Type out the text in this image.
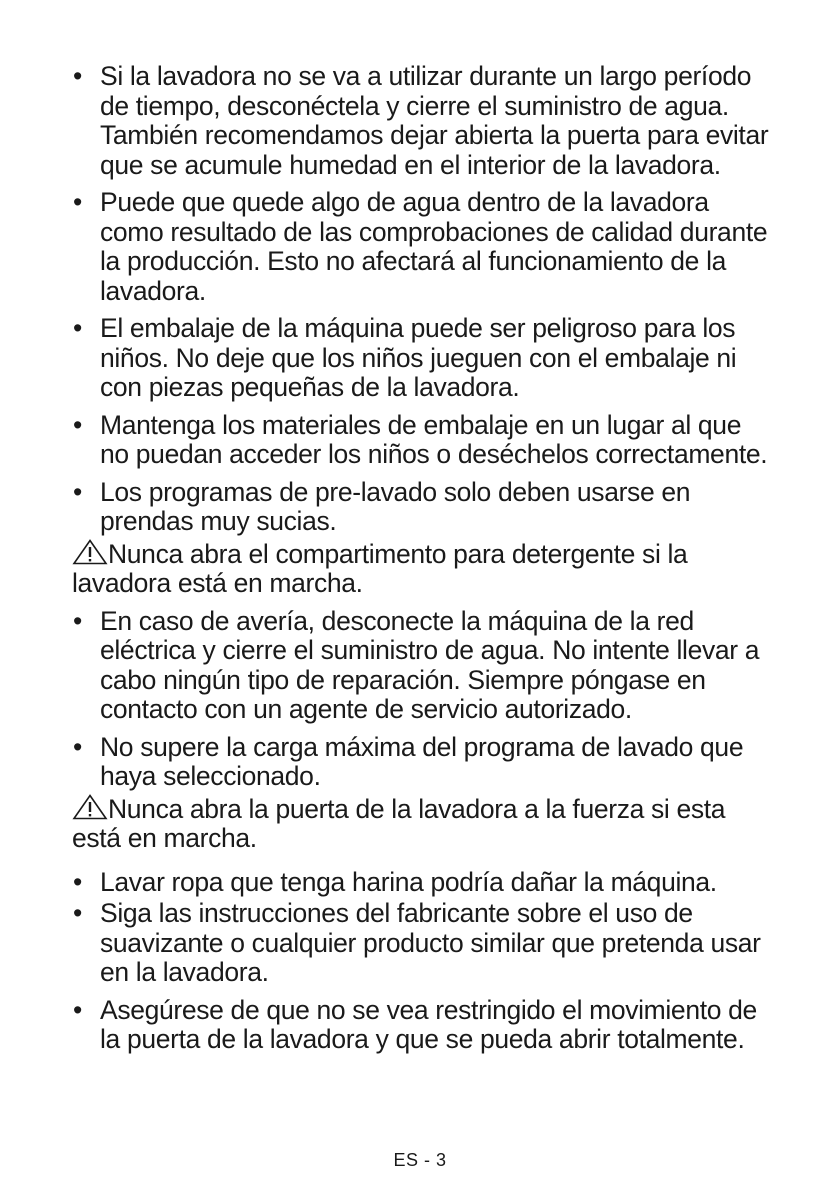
• Si la lavadora no se va a utilizar durante un largo período de tiempo, desconéctela y cierre el suministro de agua. También recomendamos dejar abierta la puerta para evitar que se acumule humedad en el interior de la lavadora.
• Puede que quede algo de agua dentro de la lavadora como resultado de las comprobaciones de calidad durante la producción. Esto no afectará al funcionamiento de la lavadora.
• El embalaje de la máquina puede ser peligroso para los niños. No deje que los niños jueguen con el embalaje ni con piezas pequeñas de la lavadora.
• Mantenga los materiales de embalaje en un lugar al que no puedan acceder los niños o deséchelos correctamente.
• Los programas de pre-lavado solo deben usarse en prendas muy sucias.
Nunca abra el compartimento para detergente si la lavadora está en marcha.
• En caso de avería, desconecte la máquina de la red eléctrica y cierre el suministro de agua. No intente llevar a cabo ningún tipo de reparación. Siempre póngase en contacto con un agente de servicio autorizado.
• No supere la carga máxima del programa de lavado que haya seleccionado.
Nunca abra la puerta de la lavadora a la fuerza si esta está en marcha.
• Lavar ropa que tenga harina podría dañar la máquina.
• Siga las instrucciones del fabricante sobre el uso de suavizante o cualquier producto similar que pretenda usar en la lavadora.
• Asegúrese de que no se vea restringido el movimiento de la puerta de la lavadora y que se pueda abrir totalmente.
ES - 3
